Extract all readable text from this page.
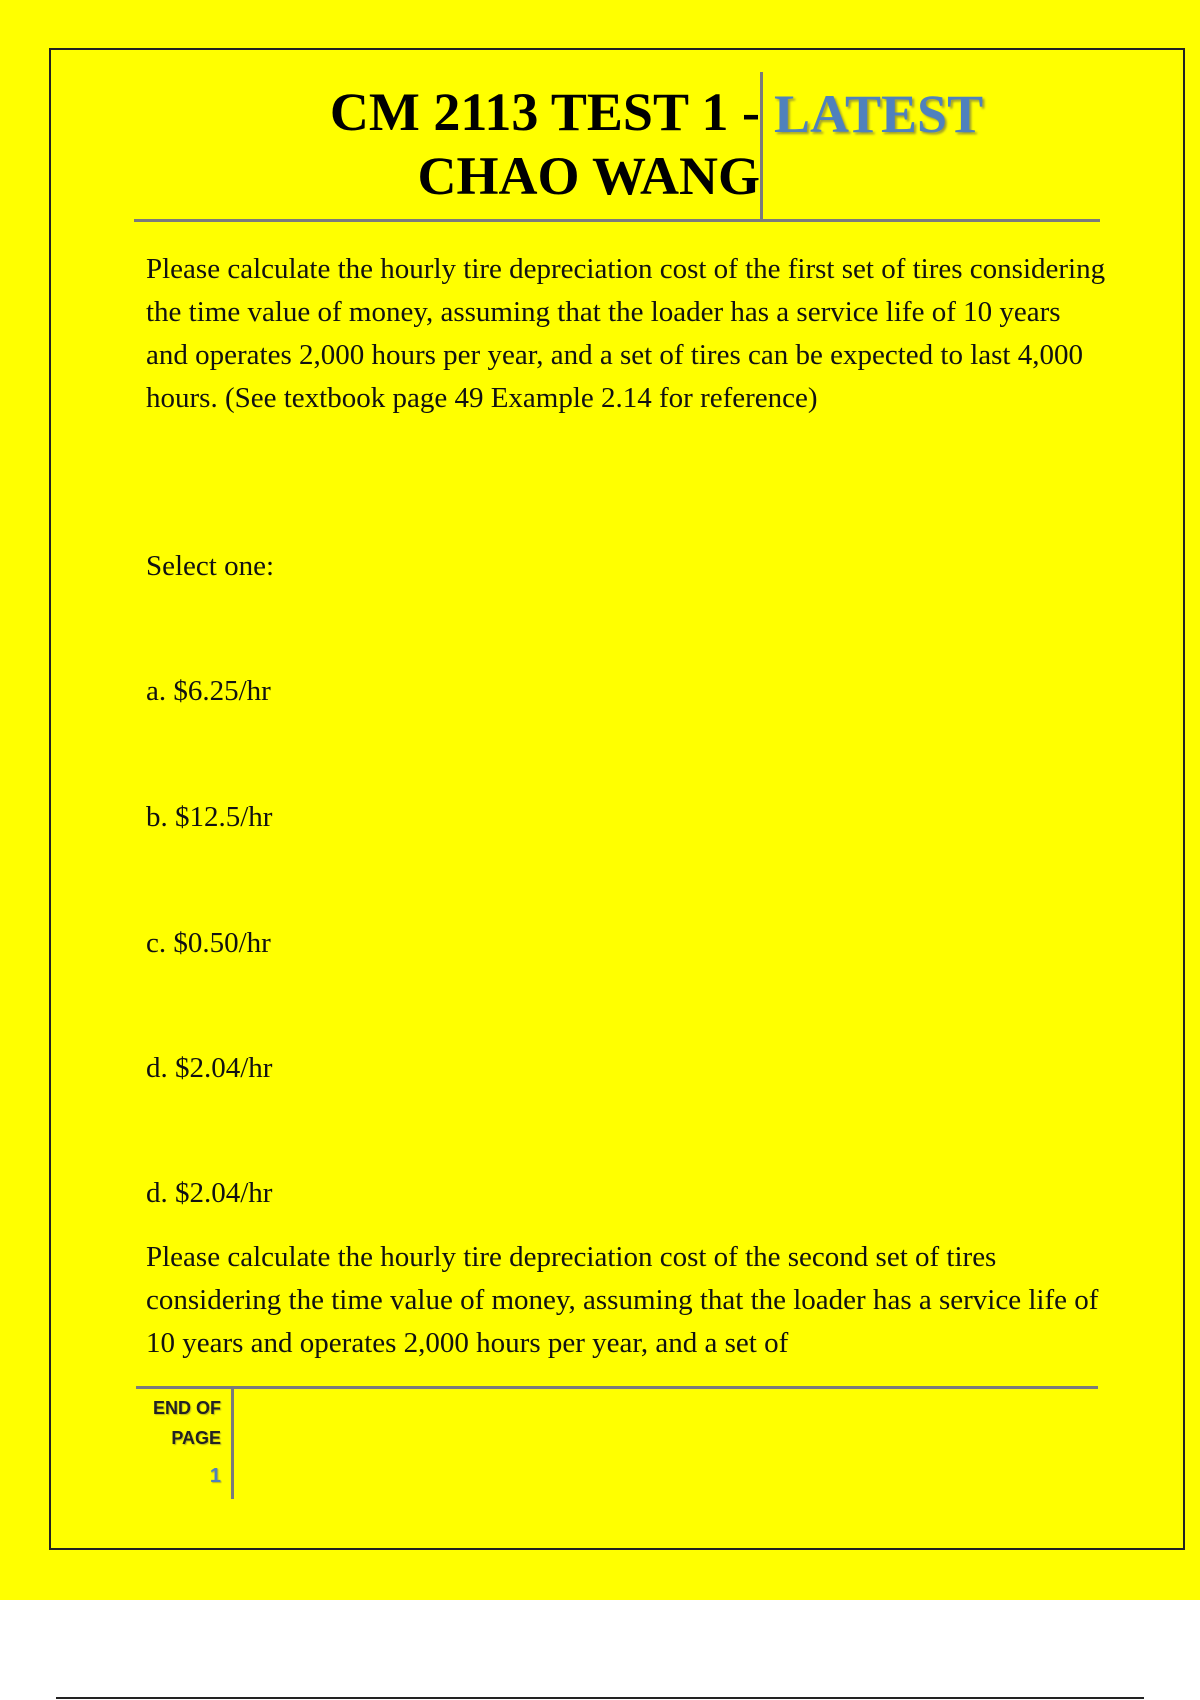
CM 2113 TEST 1 -
CHAO WANG
LATEST
Please calculate the hourly tire depreciation cost of the first set of tires considering the time value of money, assuming that the loader has a service life of 10 years and operates 2,000 hours per year, and a set of tires can be expected to last 4,000 hours. (See textbook page 49 Example 2.14 for reference)
Select one:
a. $6.25/hr
b. $12.5/hr
c. $0.50/hr
d. $2.04/hr
d. $2.04/hr
Please calculate the hourly tire depreciation cost of the second set of tires considering the time value of money, assuming that the loader has a service life of 10 years and operates 2,000 hours per year, and a set of
END OF
PAGE
1
